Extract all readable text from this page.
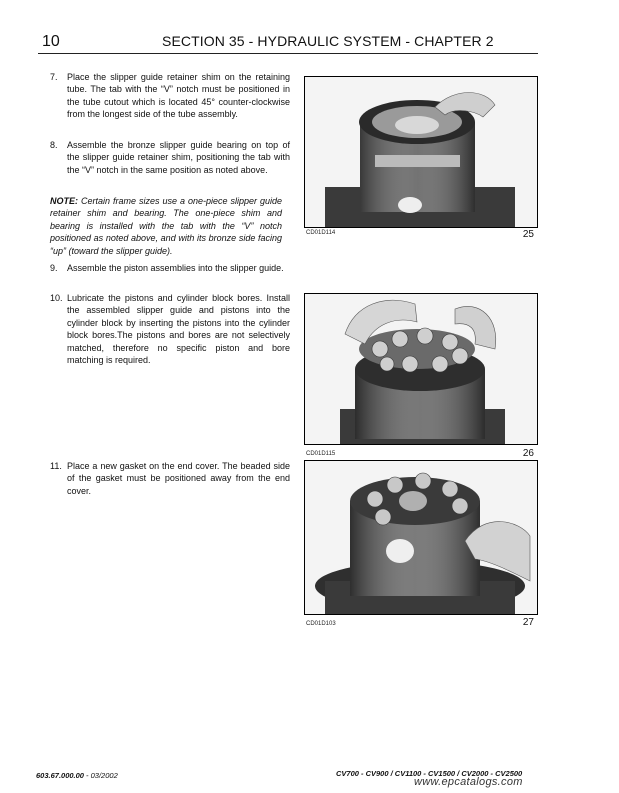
10	SECTION 35 - HYDRAULIC SYSTEM - CHAPTER 2
7. Place the slipper guide retainer shim on the retaining tube. The tab with the “V” notch must be positioned in the tube cutout which is located 45° counter-clockwise from the longest side of the tube assembly.
8. Assemble the bronze slipper guide bearing on top of the slipper guide retainer shim, positioning the tab with the “V” notch in the same position as noted above.
NOTE: Certain frame sizes use a one-piece slipper guide retainer shim and bearing. The one-piece shim and bearing is installed with the tab with the “V” notch positioned as noted above, and with its bronze side facing “up” (toward the slipper guide).
9. Assemble the piston assemblies into the slipper guide.
10. Lubricate the pistons and cylinder block bores. Install the assembled slipper guide and pistons into the cylinder block by inserting the pistons into the cylinder block bores.The pistons and bores are not selectively matched, therefore no specific piston and bore matching is required.
11. Place a new gasket on the end cover. The beaded side of the gasket must be positioned away from the end cover.
CD01D114	25
CD01D115	26
CD01D103	27
603.67.000.00 - 03/2002	CV700 - CV900 / CV1100 - CV1500 / CV2000 - CV2500
www.epcatalogs.com
